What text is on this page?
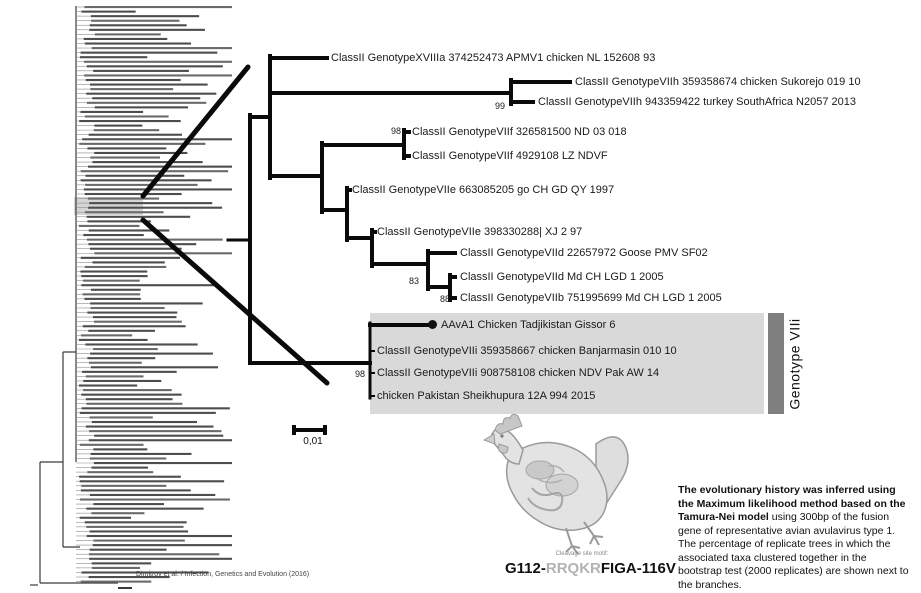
Genotype VIIi
99
98
83
88
98
ClassII GenotypeXVIIIa 374252473 APMV1 chicken NL 152608 93
ClassII GenotypeVIIh 359358674 chicken Sukorejo 019 10
ClassII GenotypeVIIh 943359422 turkey SouthAfrica N2057 2013
ClassII GenotypeVIIf 326581500 ND 03 018
ClassII GenotypeVIIf 4929108 LZ NDVF
ClassII GenotypeVIIe 663085205 go CH GD QY 1997
ClassII GenotypeVIIe 398330288| XJ 2 97
ClassII GenotypeVIId 22657972 Goose PMV SF02
ClassII GenotypeVIId Md CH LGD 1 2005
ClassII GenotypeVIIb 751995699 Md CH LGD 1 2005
AAvA1 Chicken Tadjikistan Gissor 6
ClassII GenotypeVIIi 359358667 chicken Banjarmasin 010 10
ClassII GenotypeVIIi 908758108 chicken NDV Pak AW 14
chicken Pakistan Sheikhupura 12A 994 2015
0,01
Cleavage site motif:
G112-RRQKRFIGA-116V
The evolutionary history was inferred using the Maximum likelihood method based on the Tamura-Nei model using 300bp of the fusion gene of representative avian avulavirus type 1. The percentage of replicate trees in which the associated taxa clustered together in the bootstrap test (2000 replicates) are shown next to the branches.
Dimitrov et al. / Infection, Genetics and Evolution (2016)
